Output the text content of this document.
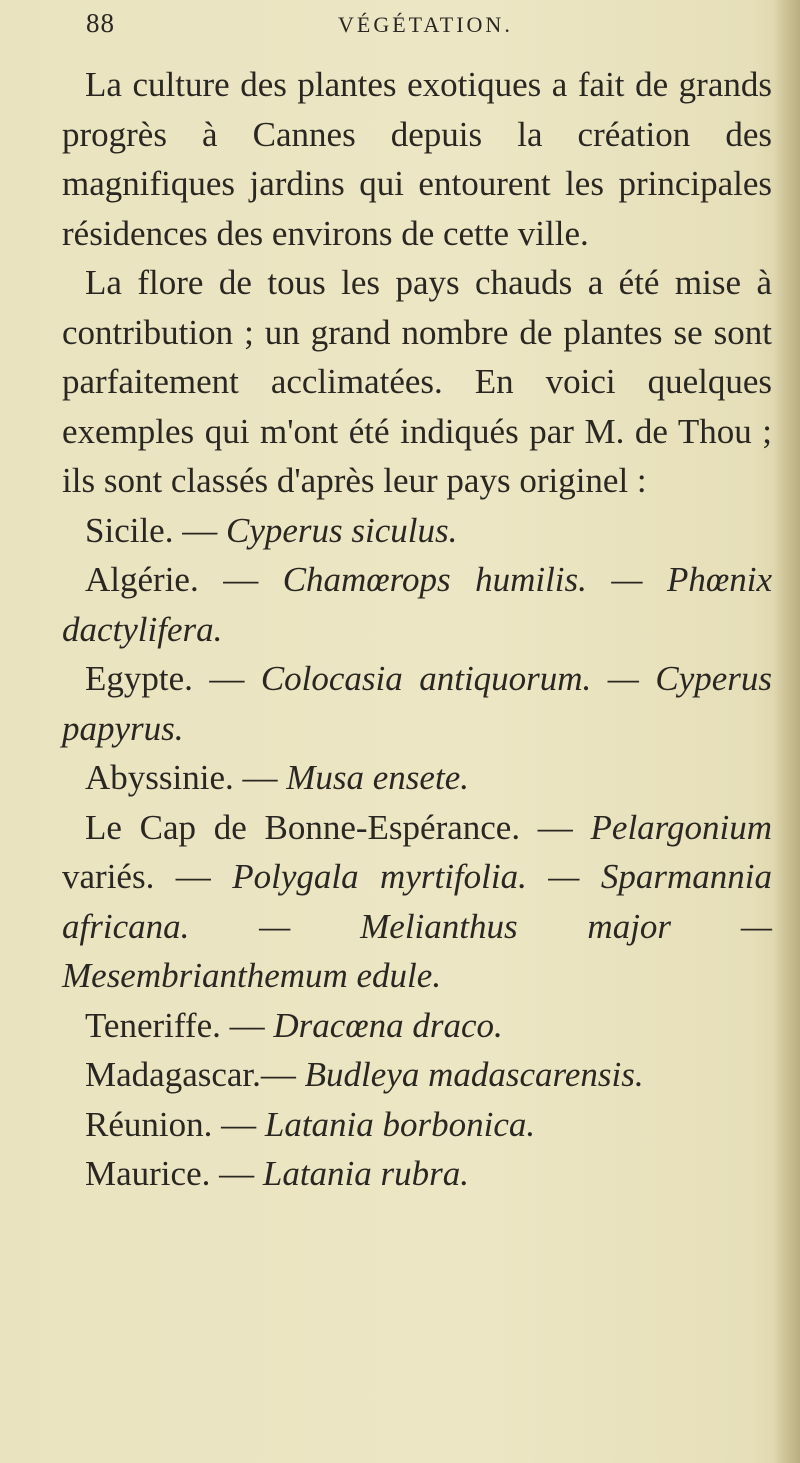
88	VÉGÉTATION.

La culture des plantes exotiques a fait de grands progrès à Cannes depuis la création des magnifiques jardins qui entourent les principales résidences des environs de cette ville.

La flore de tous les pays chauds a été mise à contribution ; un grand nombre de plantes se sont parfaitement acclimatées. En voici quelques exemples qui m'ont été indiqués par M. de Thou ; ils sont classés d'après leur pays originel :

Sicile. — Cyperus siculus.

Algérie. — Chamœrops humilis. — Phœnix dactylifera.

Egypte. — Colocasia antiquorum. — Cyperus papyrus.

Abyssinie. — Musa ensete.

Le Cap de Bonne-Espérance. — Pelargonium variés. — Polygala myrtifolia. — Sparmannia africana. — Melianthus major — Mesembrianthemum edule.

Teneriffe. — Dracœna draco.

Madagascar.— Budleya madascarensis.

Réunion. — Latania borbonica.

Maurice. — Latania rubra.
